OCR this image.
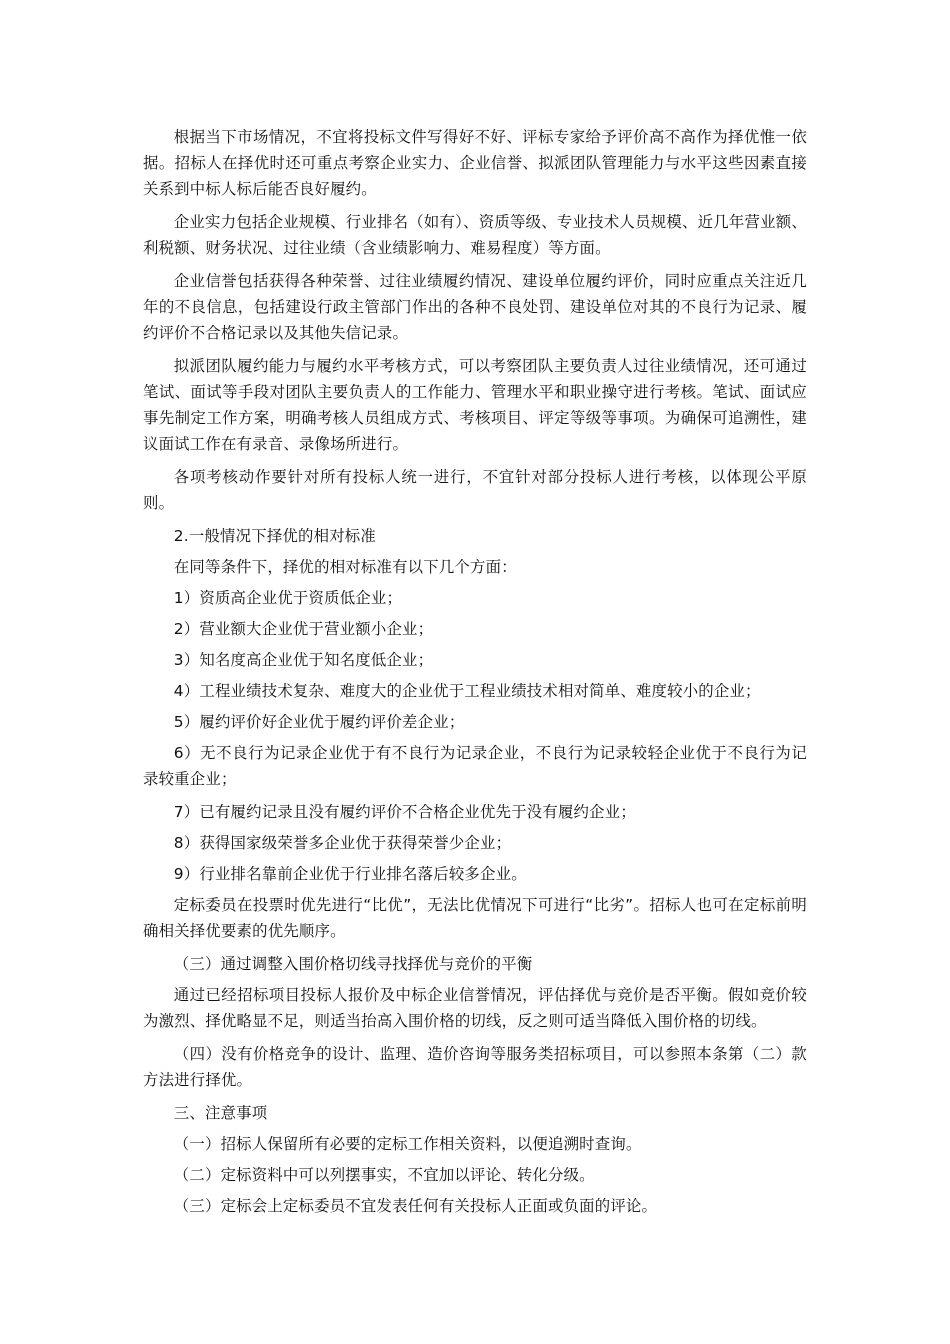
根据当下市场情况，不宜将投标文件写得好不好、评标专家给予评价高不高作为择优惟一依据。招标人在择优时还可重点考察企业实力、企业信誉、拟派团队管理能力与水平这些因素直接关系到中标人标后能否良好履约。

企业实力包括企业规模、行业排名（如有）、资质等级、专业技术人员规模、近几年营业额、利税额、财务状况、过往业绩（含业绩影响力、难易程度）等方面。

企业信誉包括获得各种荣誉、过往业绩履约情况、建设单位履约评价，同时应重点关注近几年的不良信息，包括建设行政主管部门作出的各种不良处罚、建设单位对其的不良行为记录、履约评价不合格记录以及其他失信记录。

拟派团队履约能力与履约水平考核方式，可以考察团队主要负责人过往业绩情况，还可通过笔试、面试等手段对团队主要负责人的工作能力、管理水平和职业操守进行考核。笔试、面试应事先制定工作方案，明确考核人员组成方式、考核项目、评定等级等事项。为确保可追溯性，建议面试工作在有录音、录像场所进行。

各项考核动作要针对所有投标人统一进行，不宜针对部分投标人进行考核，以体现公平原则。

2.一般情况下择优的相对标准

在同等条件下，择优的相对标准有以下几个方面：

1）资质高企业优于资质低企业；

2）营业额大企业优于营业额小企业；

3）知名度高企业优于知名度低企业；

4）工程业绩技术复杂、难度大的企业优于工程业绩技术相对简单、难度较小的企业；

5）履约评价好企业优于履约评价差企业；

6）无不良行为记录企业优于有不良行为记录企业，不良行为记录较轻企业优于不良行为记录较重企业；

7）已有履约记录且没有履约评价不合格企业优先于没有履约企业；

8）获得国家级荣誉多企业优于获得荣誉少企业；

9）行业排名靠前企业优于行业排名落后较多企业。

定标委员在投票时优先进行“比优”，无法比优情况下可进行“比劣”。招标人也可在定标前明确相关择优要素的优先顺序。

（三）通过调整入围价格切线寻找择优与竞价的平衡

通过已经招标项目投标人报价及中标企业信誉情况，评估择优与竞价是否平衡。假如竞价较为激烈、择优略显不足，则适当抬高入围价格的切线，反之则可适当降低入围价格的切线。

（四）没有价格竞争的设计、监理、造价咨询等服务类招标项目，可以参照本条第（二）款方法进行择优。

三、注意事项

（一）招标人保留所有必要的定标工作相关资料，以便追溯时查询。

（二）定标资料中可以列摆事实，不宜加以评论、转化分级。

（三）定标会上定标委员不宜发表任何有关投标人正面或负面的评论。
